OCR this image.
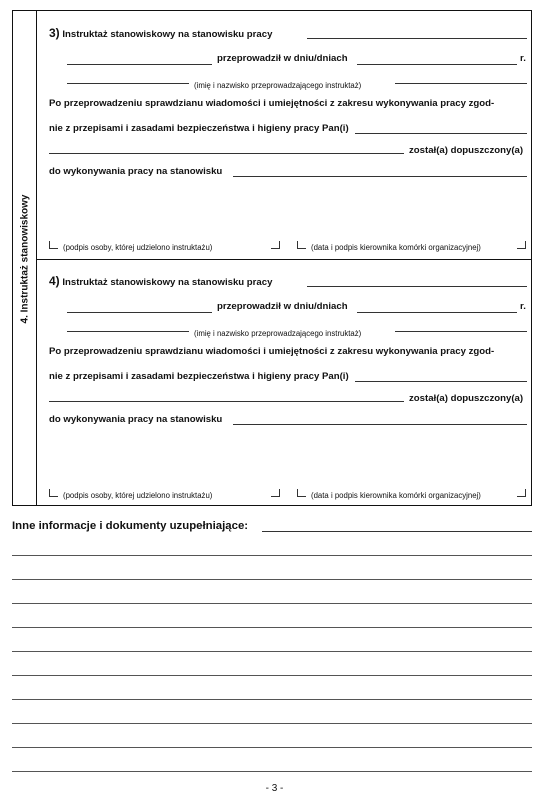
4. Instruktaż stanowiskowy
3) Instruktaż stanowiskowy na stanowisku pracy
przeprowadził w dniu/dniach	r.
(imię i nazwisko przeprowadzającego instruktaż)
Po przeprowadzeniu sprawdzianu wiadomości i umiejętności z zakresu wykonywania pracy zgod-
nie z przepisami i zasadami bezpieczeństwa i higieny pracy Pan(i)
został(a) dopuszczony(a)
do wykonywania pracy na stanowisku
(podpis osoby, której udzielono instruktażu)	(data i podpis kierownika komórki organizacyjnej)
4) Instruktaż stanowiskowy na stanowisku pracy
przeprowadził w dniu/dniach	r.
(imię i nazwisko przeprowadzającego instruktaż)
Po przeprowadzeniu sprawdzianu wiadomości i umiejętności z zakresu wykonywania pracy zgod-
nie z przepisami i zasadami bezpieczeństwa i higieny pracy Pan(i)
został(a) dopuszczony(a)
do wykonywania pracy na stanowisku
(podpis osoby, której udzielono instruktażu)	(data i podpis kierownika komórki organizacyjnej)
Inne informacje i dokumenty uzupełniające:
- 3 -
